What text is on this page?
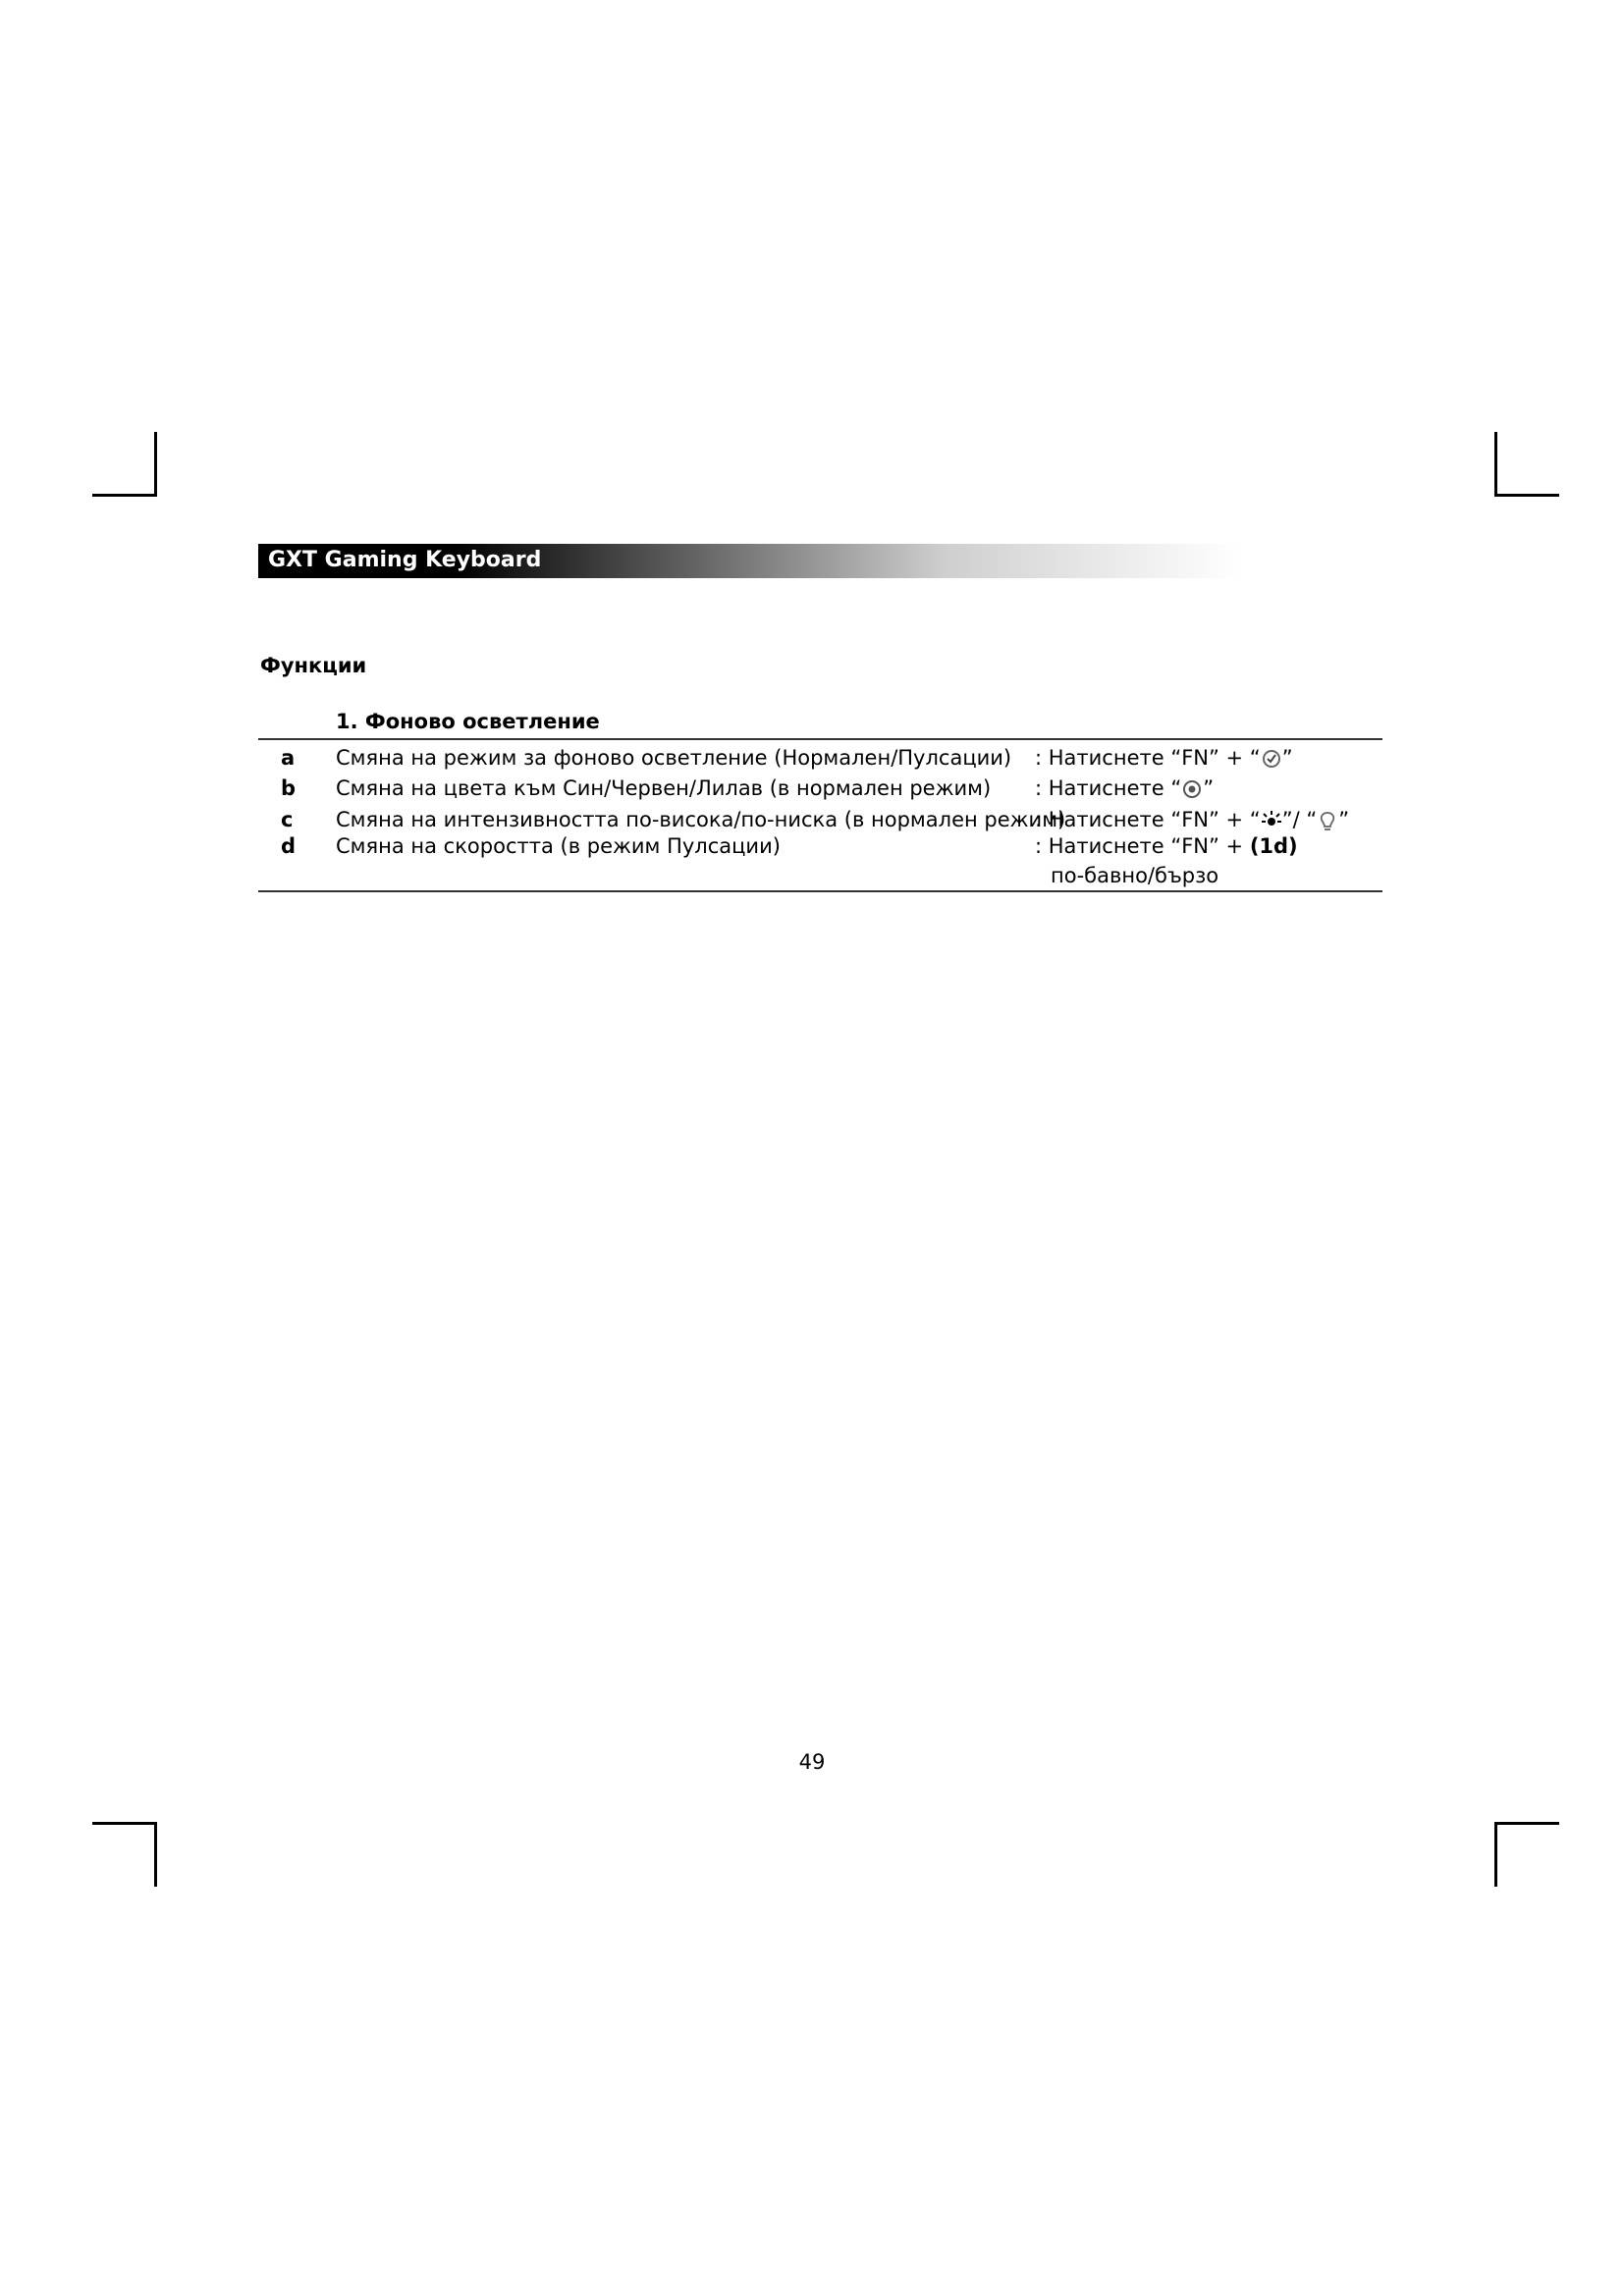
GXT Gaming Keyboard
Функции
1. Фоново осветление
a Смяна на режим за фоново осветление (Нормален/Пулсации) : Натиснете “FN” + “ ”
b Смяна на цвета към Син/Червен/Лилав (в нормален режим) : Натиснете “ ”
c Смяна на интензивността по-висока/по-ниска (в нормален режим)
: Натиснете “FN” + “ ”/ “ ”
d Смяна на скоростта (в режим Пулсации)	: Натиснете “FN” + (1d)
по-бавно/бързо
49
